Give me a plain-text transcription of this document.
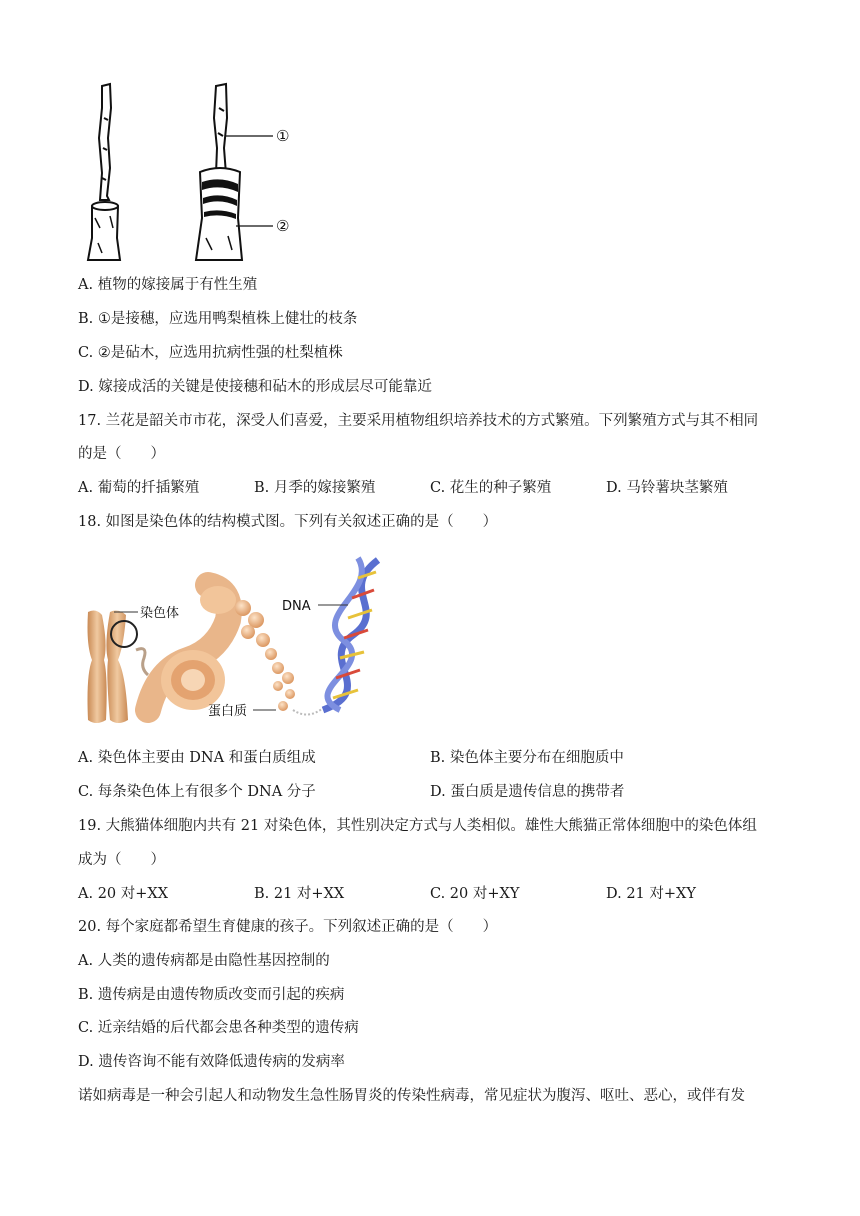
①
②
A. 植物的嫁接属于有性生殖
B. ①是接穗，应选用鸭梨植株上健壮的枝条
C. ②是砧木，应选用抗病性强的杜梨植株
D. 嫁接成活的关键是使接穗和砧木的形成层尽可能靠近
17. 兰花是韶关市市花，深受人们喜爱，主要采用植物组织培养技术的方式繁殖。下列繁殖方式与其不相同
的是（　　）
A. 葡萄的扦插繁殖	B. 月季的嫁接繁殖	C. 花生的种子繁殖	D. 马铃薯块茎繁殖
18. 如图是染色体的结构模式图。下列有关叙述正确的是（　　）
染色体	DNA
蛋白质
A. 染色体主要由 DNA 和蛋白质组成	B. 染色体主要分布在细胞质中
C. 每条染色体上有很多个 DNA 分子	D. 蛋白质是遗传信息的携带者
19. 大熊猫体细胞内共有 21 对染色体，其性别决定方式与人类相似。雄性大熊猫正常体细胞中的染色体组
成为（　　）
A. 20 对+XX	B. 21 对+XX	C. 20 对+XY	D. 21 对+XY
20. 每个家庭都希望生育健康的孩子。下列叙述正确的是（　　）
A. 人类的遗传病都是由隐性基因控制的
B. 遗传病是由遗传物质改变而引起的疾病
C. 近亲结婚的后代都会患各种类型的遗传病
D. 遗传咨询不能有效降低遗传病的发病率
诺如病毒是一种会引起人和动物发生急性肠胃炎的传染性病毒，常见症状为腹泻、呕吐、恶心，或伴有发
